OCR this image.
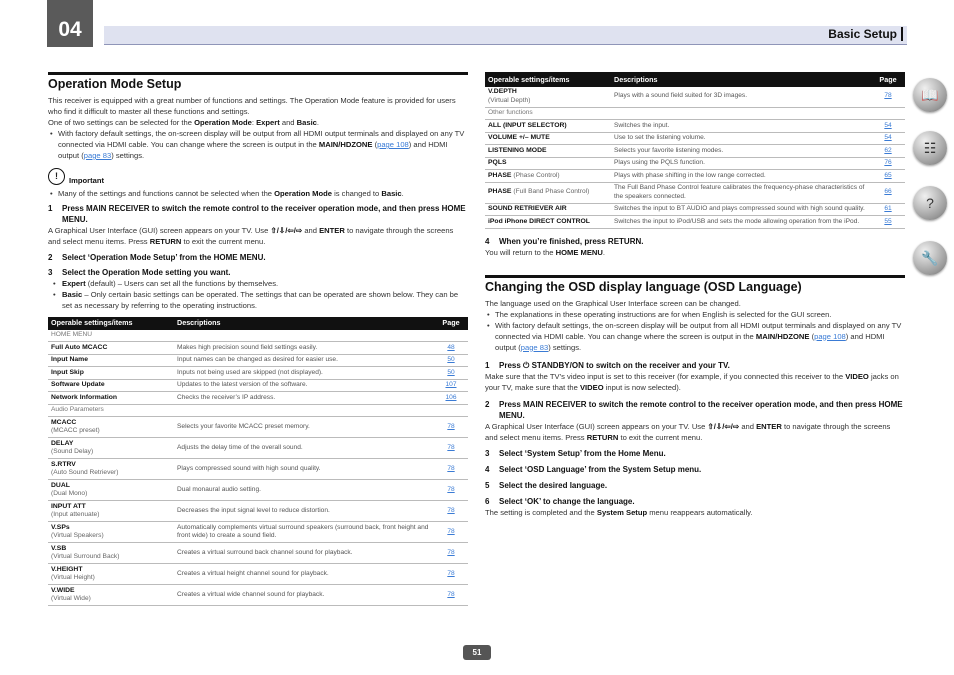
04	Basic Setup
📖
☷
?
🔧
Operation Mode Setup

This receiver is equipped with a great number of functions and settings. The Operation Mode feature is provided for users who find it difficult to master all these functions and settings.

One of two settings can be selected for the Operation Mode: Expert and Basic.

• With factory default settings, the on-screen display will be output from all HDMI output terminals and displayed on any TV connected via HDMI cable. You can change where the screen is output in the MAIN/HDZONE (page 108) and HDMI output (page 83) settings.

!	Important

• Many of the settings and functions cannot be selected when the Operation Mode is changed to Basic.

1	Press MAIN RECEIVER to switch the remote control to the receiver operation mode, and then press HOME MENU.

A Graphical User Interface (GUI) screen appears on your TV. Use ⇧/⇩/⇦/⇨ and ENTER to navigate through the screens and select menu items. Press RETURN to exit the current menu.

2	Select ‘Operation Mode Setup’ from the HOME MENU.
3	Select the Operation Mode setting you want.

• Expert (default) – Users can set all the functions by themselves.

• Basic – Only certain basic settings can be operated. The settings that can be operated are shown below. They can be set as necessary by referring to the operating instructions.

Operable settings/items	Descriptions	Page
HOME MENU		
Full Auto MCACC	Makes high precision sound field settings easily.	48
Input Name	Input names can be changed as desired for easier use.	50
Input Skip	Inputs not being used are skipped (not displayed).	50
Software Update	Updates to the latest version of the software.	107
Network Information	Checks the receiver’s IP address.	106
Audio Parameters		
MCACC
(MCACC preset)	Selects your favorite MCACC preset memory.	78
DELAY
(Sound Delay)	Adjusts the delay time of the overall sound.	78
S.RTRV
(Auto Sound Retriever)	Plays compressed sound with high sound quality.	78
DUAL
(Dual Mono)	Dual monaural audio setting.	78
INPUT ATT
(Input attenuate)	Decreases the input signal level to reduce distortion.	78
V.SPs
(Virtual Speakers)	Automatically complements virtual surround speakers (surround back, front height and front wide) to create a sound field.	78
V.SB
(Virtual Surround Back)	Creates a virtual surround back channel sound for playback.	78
V.HEIGHT
(Virtual Height)	Creates a virtual height channel sound for playback.	78
V.WIDE
(Virtual Wide)	Creates a virtual wide channel sound for playback.	78
Operable settings/items	Descriptions	Page
V.DEPTH
(Virtual Depth)	Plays with a sound field suited for 3D images.	78
Other functions		
ALL (INPUT SELECTOR)	Switches the input.	54
VOLUME +/– MUTE	Use to set the listening volume.	54
LISTENING MODE	Selects your favorite listening modes.	62
PQLS	Plays using the PQLS function.	76
PHASE (Phase Control)	Plays with phase shifting in the low range corrected.	65
PHASE (Full Band Phase Control)	The Full Band Phase Control feature calibrates the frequency-phase characteristics of the speakers connected.	66
SOUND RETRIEVER AIR	Switches the input to BT AUDIO and plays compressed sound with high sound quality.	61
iPod iPhone DIRECT CONTROL	Switches the input to iPod/USB and sets the mode allowing operation from the iPod.	55
4	When you’re finished, press RETURN.

You will return to the HOME MENU.

Changing the OSD display language (OSD Language)

The language used on the Graphical User Interface screen can be changed.

• The explanations in these operating instructions are for when English is selected for the GUI screen.

• With factory default settings, the on-screen display will be output from all HDMI output terminals and displayed on any TV connected via HDMI cable. You can change where the screen is output in the MAIN/HDZONE (page 108) and HDMI output (page 83) settings.

1	Press ⏻ STANDBY/ON to switch on the receiver and your TV.

Make sure that the TV’s video input is set to this receiver (for example, if you connected this receiver to the VIDEO jacks on your TV, make sure that the VIDEO input is now selected).

2	Press MAIN RECEIVER to switch the remote control to the receiver operation mode, and then press HOME MENU.

A Graphical User Interface (GUI) screen appears on your TV. Use ⇧/⇩/⇦/⇨ and ENTER to navigate through the screens and select menu items. Press RETURN to exit the current menu.

3	Select ‘System Setup’ from the Home Menu.
4	Select ‘OSD Language’ from the System Setup menu.
5	Select the desired language.
6	Select ‘OK’ to change the language.

The setting is completed and the System Setup menu reappears automatically.

51
